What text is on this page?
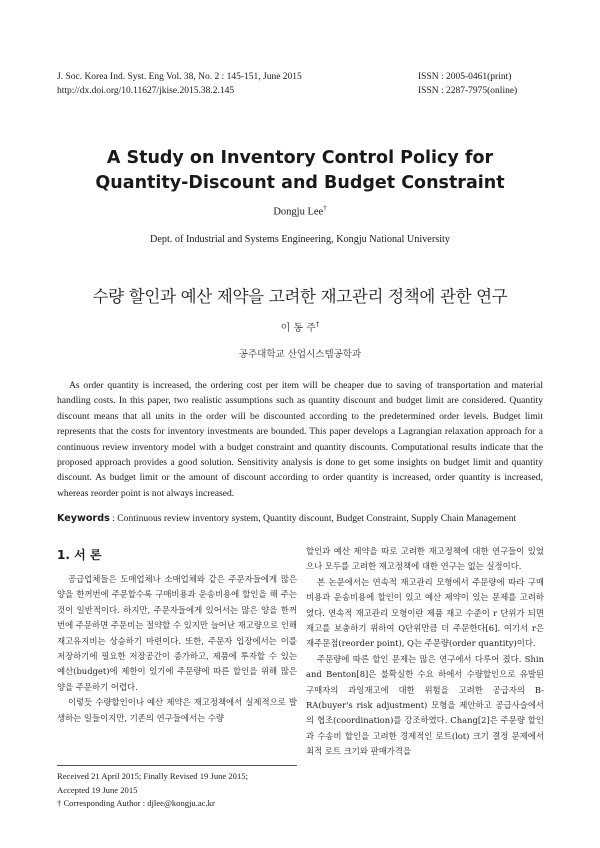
J. Soc. Korea Ind. Syst. Eng Vol. 38, No. 2 : 145-151, June 2015
http://dx.doi.org/10.11627/jkise.2015.38.2.145
ISSN : 2005-0461(print)
ISSN : 2287-7975(online)
A Study on Inventory Control Policy for
Quantity-Discount and Budget Constraint
Dongju Lee†
Dept. of Industrial and Systems Engineering, Kongju National University
수량 할인과 예산 제약을 고려한 재고관리 정책에 관한 연구
이 동 주†
공주대학교 산업시스템공학과

As order quantity is increased, the ordering cost per item will be cheaper due to saving of transportation and material handling costs. In this paper, two realistic assumptions such as quantity discount and budget limit are considered. Quantity discount means that all units in the order will be discounted according to the predetermined order levels. Budget limit represents that the costs for inventory investments are bounded. This paper develops a Lagrangian relaxation approach for a continuous review inventory model with a budget constraint and quantity discounts. Computational results indicate that the proposed approach provides a good solution. Sensitivity analysis is done to get some insights on budget limit and quantity discount. As budget limit or the amount of discount according to order quantity is increased, order quantity is increased, whereas reorder point is not always increased.

Keywords : Continuous review inventory system, Quantity discount, Budget Constraint, Supply Chain Management
1. 서 론

공급업체들은 도매업체나 소매업체와 같은 주문자들에게 많은 양을 한꺼번에 주문할수록 구매비용과 운송비용에 할인을 해 주는 것이 일반적이다. 하지만, 주문자들에게 있어서는 많은 양을 한꺼번에 주문하면 주문비는 절약할 수 있지만 늘어난 재고량으로 인해 재고유지비는 상승하기 마련이다. 또한, 주문자 입장에서는 이를 저장하기에 필요한 저장공간이 증가하고, 제품에 투자할 수 있는 예산(budget)에 제한이 있기에 주문량에 따른 할인을 위해 많은 양을 주문하기 어렵다.

이렇듯 수량할인이나 예산 제약은 재고정책에서 실제적으로 발생하는 일들이지만, 기존의 연구들에서는 수량

Received 21 April 2015; Finally Revised 19 June 2015;
Accepted 19 June 2015
† Corresponding Author : djlee@kongju.ac.kr

할인과 예산 제약을 따로 고려한 재고정책에 대한 연구들이 있었으나 모두를 고려한 재고정책에 대한 연구는 없는 실정이다.

본 논문에서는 연속적 재고관리 모형에서 주문량에 따라 구매비용과 운송비용에 할인이 있고 예산 제약이 있는 문제를 고려하였다. 연속적 재고관리 모형이란 제품 재고 수준이 r 단위가 되면 재고를 보충하기 위하여 Q단위만큼 더 주문한다[6]. 여기서 r은 재주문점(reorder point), Q는 주문량(order quantity)이다.

주문량에 따른 할인 문제는 많은 연구에서 다루어 졌다. Shin and Benton[8]은 불확실한 수요 하에서 수량할인으로 유발된 구매자의 과잉재고에 대한 위험을 고려한 공급자의 B-RA(buyer's risk adjustment) 모형을 제안하고 공급사슬에서의 협조(coordination)를 강조하였다. Chang[2]은 주문량 할인과 수송비 할인을 고려한 경제적인 로트(lot) 크기 결정 문제에서 최적 로트 크기와 판매가격을
